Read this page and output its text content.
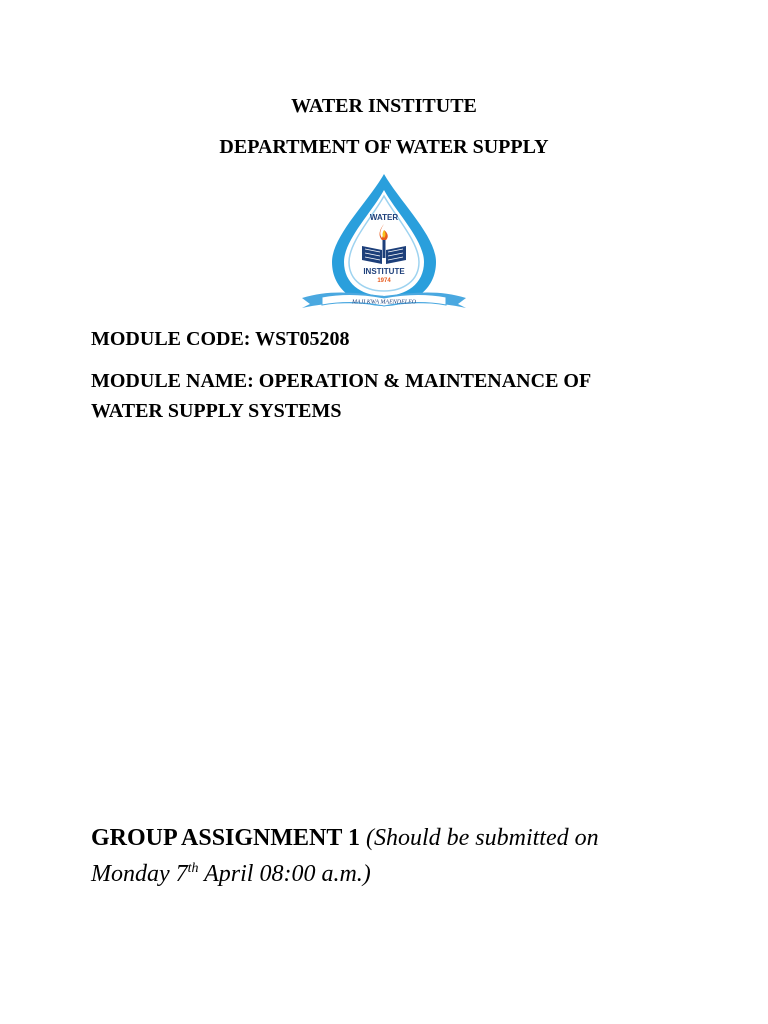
WATER INSTITUTE
DEPARTMENT OF WATER SUPPLY
WATER
INSTITUTE
1974
MAJI KWA MAENDELEO
MODULE CODE: WST05208
MODULE NAME: OPERATION & MAINTENANCE OF
WATER SUPPLY SYSTEMS
GROUP ASSIGNMENT 1 (Should be submitted on
Monday 7th April 08:00 a.m.)
